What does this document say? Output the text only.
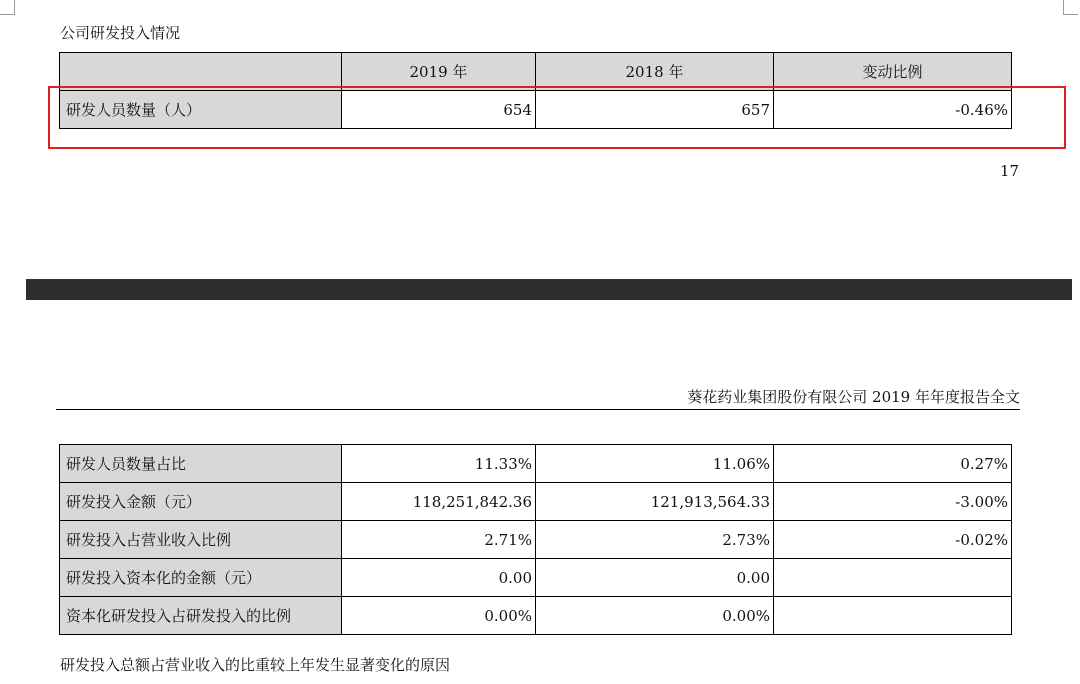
公司研发投入情况
	2019 年	2018 年	变动比例
研发人员数量（人）	654	657	-0.46%
17
葵花药业集团股份有限公司 2019 年年度报告全文
研发人员数量占比	11.33%	11.06%	0.27%
研发投入金额（元）	118,251,842.36	121,913,564.33	-3.00%
研发投入占营业收入比例	2.71%	2.73%	-0.02%
研发投入资本化的金额（元）	0.00	0.00	
资本化研发投入占研发投入的比例	0.00%	0.00%	
研发投入总额占营业收入的比重较上年发生显著变化的原因
